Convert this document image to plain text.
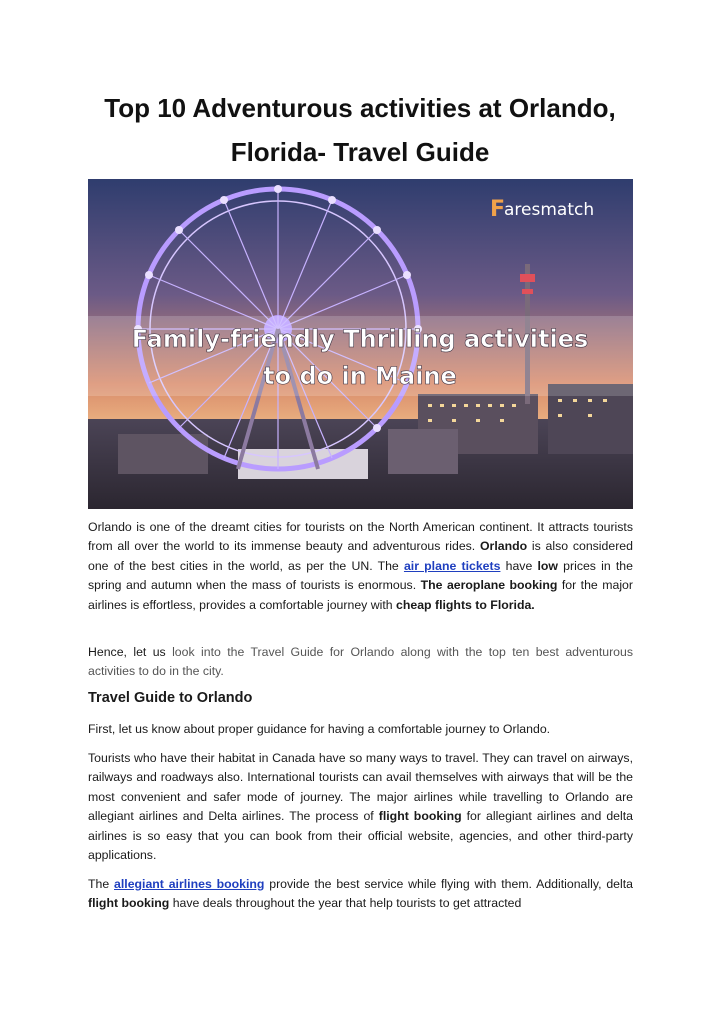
Top 10 Adventurous activities at Orlando,
Florida- Travel Guide
Family-friendly Thrilling activities
to do in Maine
F
aresmatch

Orlando is one of the dreamt cities for tourists on the North American continent. It attracts tourists from all over the world to its immense beauty and adventurous rides. Orlando is also considered one of the best cities in the world, as per the UN. The air plane tickets have low prices in the spring and autumn when the mass of tourists is enormous. The aeroplane booking for the major airlines is effortless, provides a comfortable journey with cheap flights to Florida.

Hence, let us look into the Travel Guide for Orlando along with the top ten best adventurous activities to do in the city.

Travel Guide to Orlando

First, let us know about proper guidance for having a comfortable journey to Orlando.

Tourists who have their habitat in Canada have so many ways to travel. They can travel on airways, railways and roadways also. International tourists can avail themselves with airways that will be the most convenient and safer mode of journey. The major airlines while travelling to Orlando are allegiant airlines and Delta airlines. The process of flight booking for allegiant airlines and delta airlines is so easy that you can book from their official website, agencies, and other third-party applications.

The allegiant airlines booking provide the best service while flying with them. Additionally, delta flight booking have deals throughout the year that help tourists to get attracted
